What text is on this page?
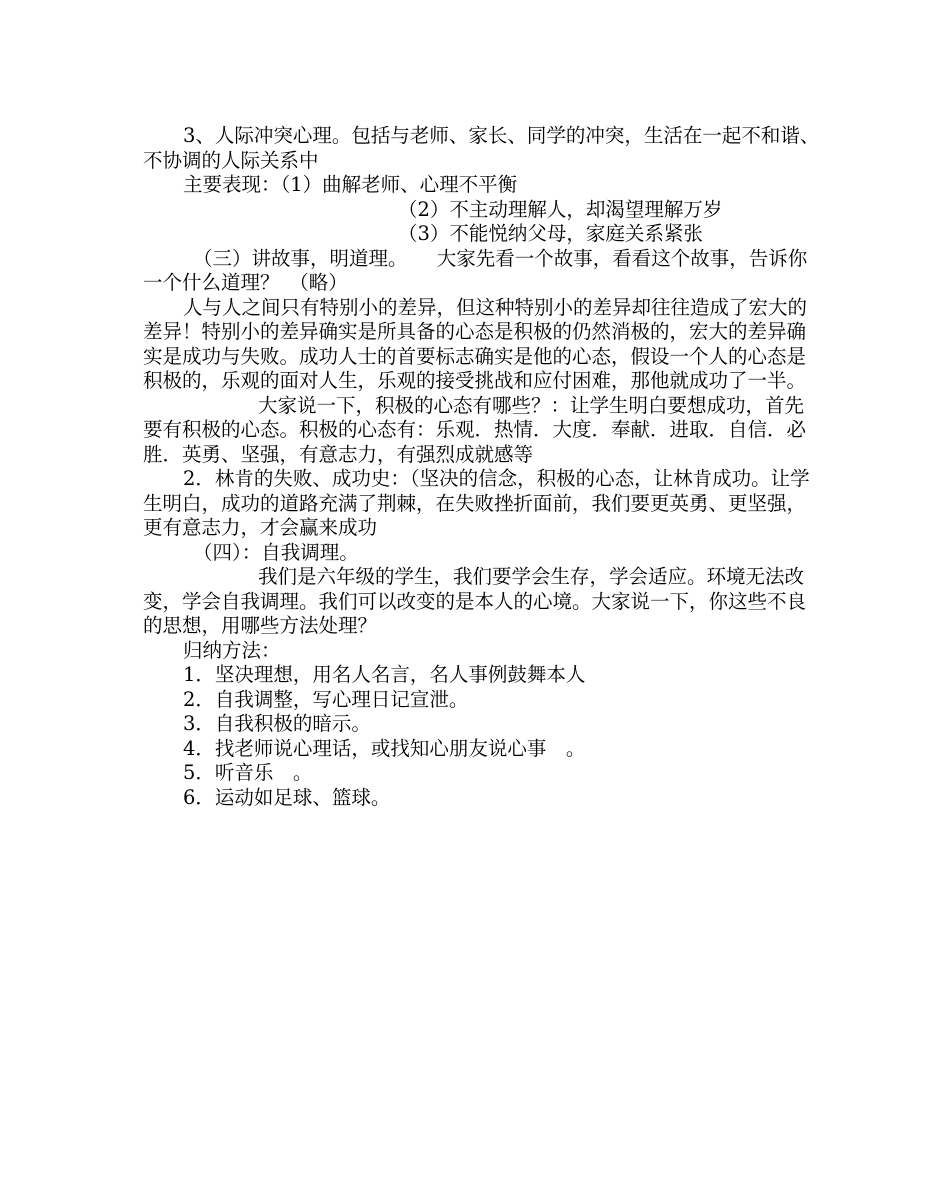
3、人际冲突心理。包括与老师、家长、同学的冲突，生活在一起不和谐、不协调的人际关系中

主要表现：（1）曲解老师、心理不平衡

（2）不主动理解人，却渴望理解万岁

（3）不能悦纳父母，家庭关系紧张

（三）讲故事，明道理。　　大家先看一个故事，看看这个故事，告诉你一个什么道理？　（略）

人与人之间只有特别小的差异，但这种特别小的差异却往往造成了宏大的差异！特别小的差异确实是所具备的心态是积极的仍然消极的，宏大的差异确实是成功与失败。成功人士的首要标志确实是他的心态，假设一个人的心态是积极的，乐观的面对人生，乐观的接受挑战和应付困难，那他就成功了一半。

大家说一下，积极的心态有哪些？：让学生明白要想成功，首先要有积极的心态。积极的心态有：乐观．热情．大度．奉献．进取．自信．必胜．英勇、坚强，有意志力，有强烈成就感等

2．林肯的失败、成功史：（坚决的信念，积极的心态，让林肯成功。让学生明白，成功的道路充满了荆棘，在失败挫折面前，我们要更英勇、更坚强，更有意志力，才会赢来成功

（四）：自我调理。

我们是六年级的学生，我们要学会生存，学会适应。环境无法改变，学会自我调理。我们可以改变的是本人的心境。大家说一下，你这些不良的思想，用哪些方法处理？

归纳方法：

1．坚决理想，用名人名言，名人事例鼓舞本人

2．自我调整，写心理日记宣泄。

3．自我积极的暗示。

4．找老师说心理话，或找知心朋友说心事　。

5．听音乐　。

6．运动如足球、篮球。
